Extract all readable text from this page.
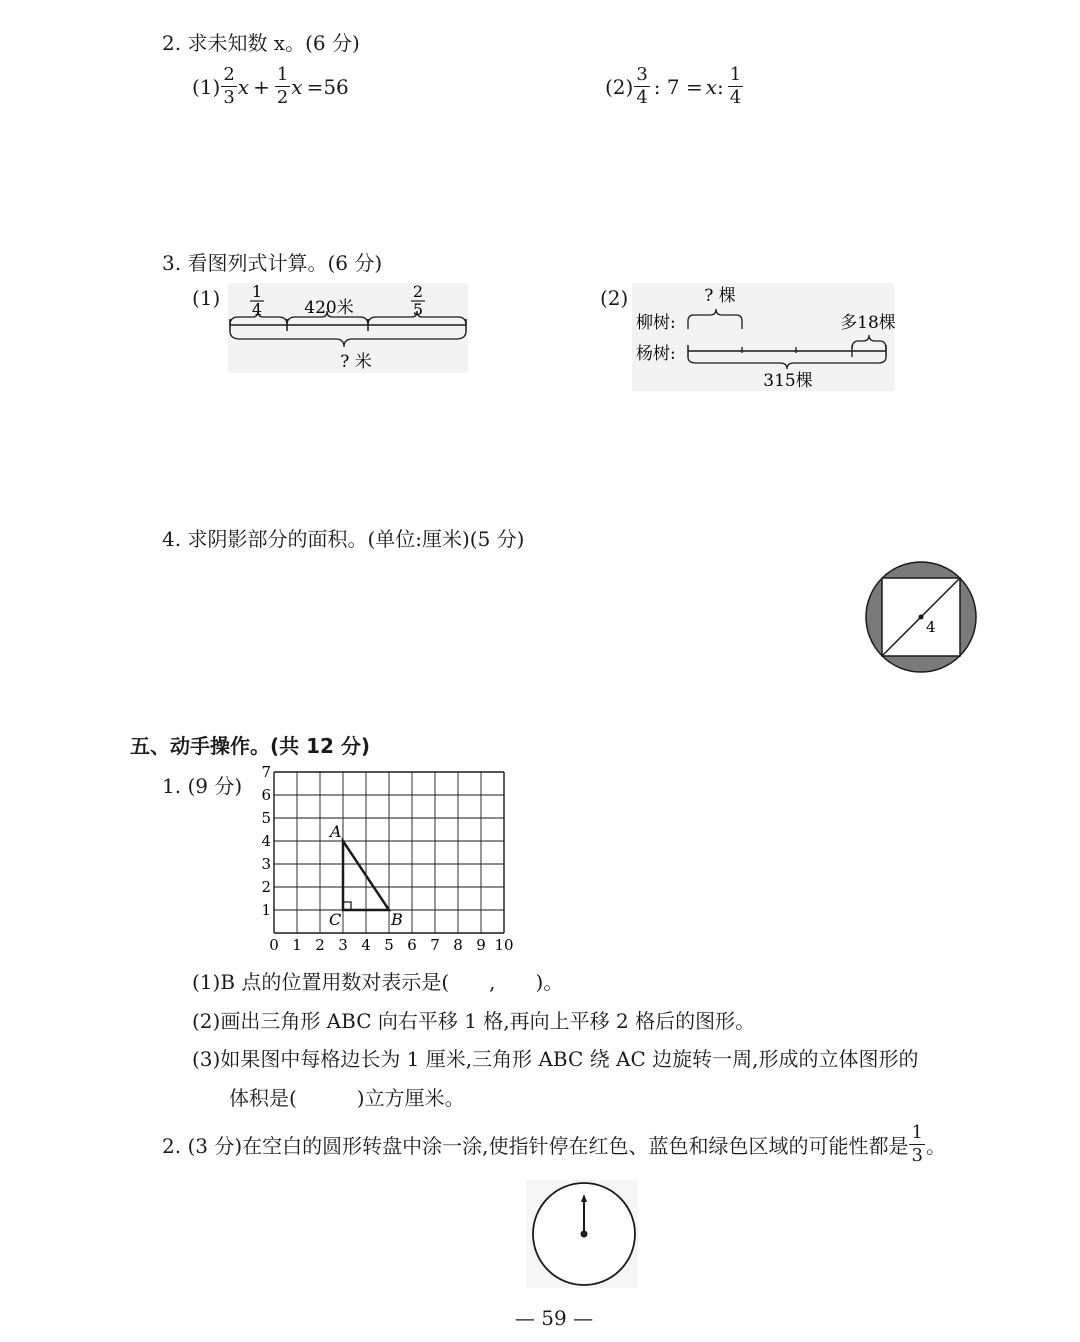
2. 求未知数 x。(6 分)
$(1) \frac{2}{3}$ $x + \frac{1}{2}$ x =56	$(2) \frac{3}{4}$ : 7 = x : $\frac{1}{4}$
3. 看图列式计算。(6 分)
(1) 1
4 420米
2
5
? 米
(2)	? 棵
柳树:
杨树:
多18棵
315棵
4. 求阴影部分的面积。(单位:厘米)(5 分)
4
五、动手操作。(共 12 分)
1. (9 分)
0 1 2 3 4 5 6 7 8 9 10
1
2
3
4
5
6
7
A
B
C
(1)B 点的位置用数对表示是(　　,　　)。
(2)画出三角形 ABC 向右平移 1 格,再向上平移 2 格后的图形。
(3)如果图中每格边长为 1 厘米,三角形 ABC 绕 AC 边旋转一周,形成的立体图形的
体积是(　　　)立方厘米。
2. (3 分)在空白的圆形转盘中涂一涂,使指针停在红色、蓝色和绿色区域的可能性都是 $\frac{1}{3}$ 。
— 59 —
